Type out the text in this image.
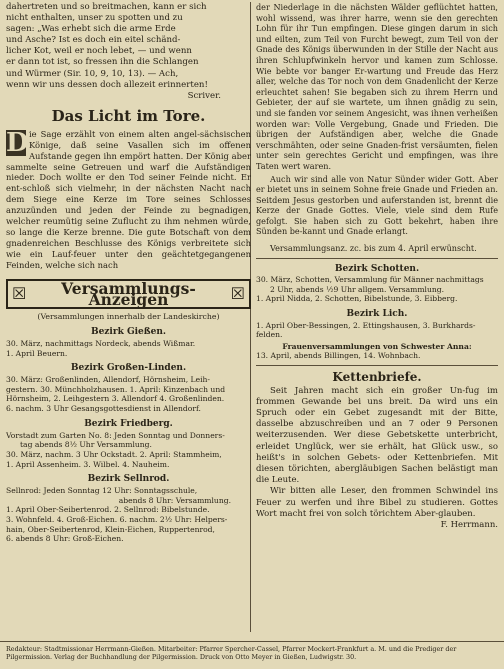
dahertreten und so breitmachen, kann er sich

nicht enthalten, unser zu spotten und zu

sagen: „Was erhebt sich die arme Erde

und Asche? Ist es doch ein eitel schänd-

licher Kot, weil er noch lebet, — und wenn

er dann tot ist, so fressen ihn die Schlangen

und Würmer (Sir. 10, 9, 10, 13). — Ach,

wenn wir uns dessen doch allezeit erinnerten!

Scriver.

Das Licht im Tore.

D ie Sage erzählt von einem alten angel-sächsischen Könige, daß seine Vasallen sich im offenen Aufstande gegen ihn empört hatten. Der König aber sammelte seine Getreuen und warf die Aufständigen nieder. Doch wollte er den Tod seiner Feinde nicht. Er ent-schloß sich vielmehr, in der nächsten Nacht nach dem Siege eine Kerze im Tore seines Schlosses anzuzünden und jeden der Feinde zu begnadigen, welcher reumütig seine Zuflucht zu ihm nehmen würde, so lange die Kerze brenne. Die gute Botschaft von dem gnadenreichen Beschlusse des Königs verbreitete sich wie ein Lauf-feuer unter den geächtetgegangenen Feinden, welche sich nach

☒	Versammlungs-Anzeigen	☒
(Versammlungen innerhalb der Landeskirche)
Bezirk Gießen.

30. März, nachmittags Nordeck, abends Wißmar.

1. April Beuern.

Bezirk Großen-Linden.

30. März: Großenlinden, Allendorf, Hörnsheim, Leih-

gestern. 30. Münchholzhausen. 1. April: Kinzenbach und

Hörnsheim, 2. Leihgestern 3. Allendorf 4. Großenlinden.

6. nachm. 3 Uhr Gesangsgottesdienst in Allendorf.

Bezirk Friedberg.

Vorstadt zum Garten No. 8: Jeden Sonntag und Donners-

tag abends 8½ Uhr Versammlung.

30. März, nachm. 3 Uhr Ockstadt. 2. April: Stammheim,

1. April Assenheim. 3. Wilbel. 4. Nauheim.

Bezirk Sellnrod.

Sellnrod: Jeden Sonntag 12 Uhr: Sonntagsschule,

abends 8 Uhr: Versammlung.

1. April Ober-Seibertenrod. 2. Sellnrod: Bibelstunde.

3. Wohnfeld. 4. Groß-Eichen. 6. nachm. 2½ Uhr: Helpers-

hain, Ober-Seibertenrod, Klein-Eichen, Ruppertenrod,

6. abends 8 Uhr: Groß-Eichen.

der Niederlage in die nächsten Wälder geflüchtet hatten, wohl wissend, was ihrer harre, wenn sie den gerechten Lohn für ihr Tun empfingen. Diese gingen darum in sich und eilten, zum Teil von Furcht bewegt, zum Teil von der Gnade des Königs überwunden in der Stille der Nacht aus ihren Schlupfwinkeln hervor und kamen zum Schlosse. Wie bebte vor banger Er-wartung und Freude das Herz aller, welche das Tor noch von dem Gnadenlicht der Kerze erleuchtet sahen! Sie begaben sich zu ihrem Herrn und Gebieter, der auf sie wartete, um ihnen gnädig zu sein, und sie fanden vor seinem Angesicht, was ihnen verheißen worden war: Volle Vergebung, Gnade und Frieden. Die übrigen der Aufständigen aber, welche die Gnade verschmähten, oder seine Gnaden-frist versäumten, fielen unter sein gerechtes Gericht und empfingen, was ihre Taten wert waren.

Auch wir sind alle von Natur Sünder wider Gott. Aber er bietet uns in seinem Sohne freie Gnade und Frieden an. Seitdem Jesus gestorben und auferstanden ist, brennt die Kerze der Gnade Gottes. Viele, viele sind dem Rufe gefolgt. Sie haben sich zu Gott bekehrt, haben ihre Sünden be-kannt und Gnade erlangt.

Versammlungsanz. zc. bis zum 4. April erwünscht.

Bezirk Schotten.

30. März, Schotten, Versammlung für Männer nachmittags

2 Uhr, abends ½9 Uhr allgem. Versammlung.

1. April Nidda, 2. Schotten, Bibelstunde, 3. Eibberg.

Bezirk Lich.

1. April Ober-Bessingen, 2. Ettingshausen, 3. Burkhards-

felden.

Frauenversammlungen von Schwester Anna:

13. April, abends Billingen, 14. Wohnbach.

Kettenbriefe.

Seit Jahren macht sich ein großer Un-fug im frommen Gewande bei uns breit. Da wird uns ein Spruch oder ein Gebet zugesandt mit der Bitte, dasselbe abzuschreiben und an 7 oder 9 Personen weiterzusenden. Wer diese Gebetskette unterbricht, erleidet Unglück, wer sie erhält, hat Glück usw., so heißt's in solchen Gebets- oder Kettenbriefen. Mit diesen törichten, abergläubigen Sachen belästigt man die Leute.

Wir bitten alle Leser, den frommen Schwindel ins Feuer zu werfen und ihre Bibel zu studieren. Gottes Wort macht frei von solch törichtem Aber-glauben.
F. Herrmann.

Redakteur: Stadtmissionar Herrmann-Gießen. Mitarbeiter: Pfarrer Spercher-Cassel, Pfarrer Mockert-Frankfurt a. M. und die Prediger der Pilgermission. Verlag der Buchhandlung der Pilgermission. Druck von Otto Meyer in Gießen, Ludwigstr. 30.
